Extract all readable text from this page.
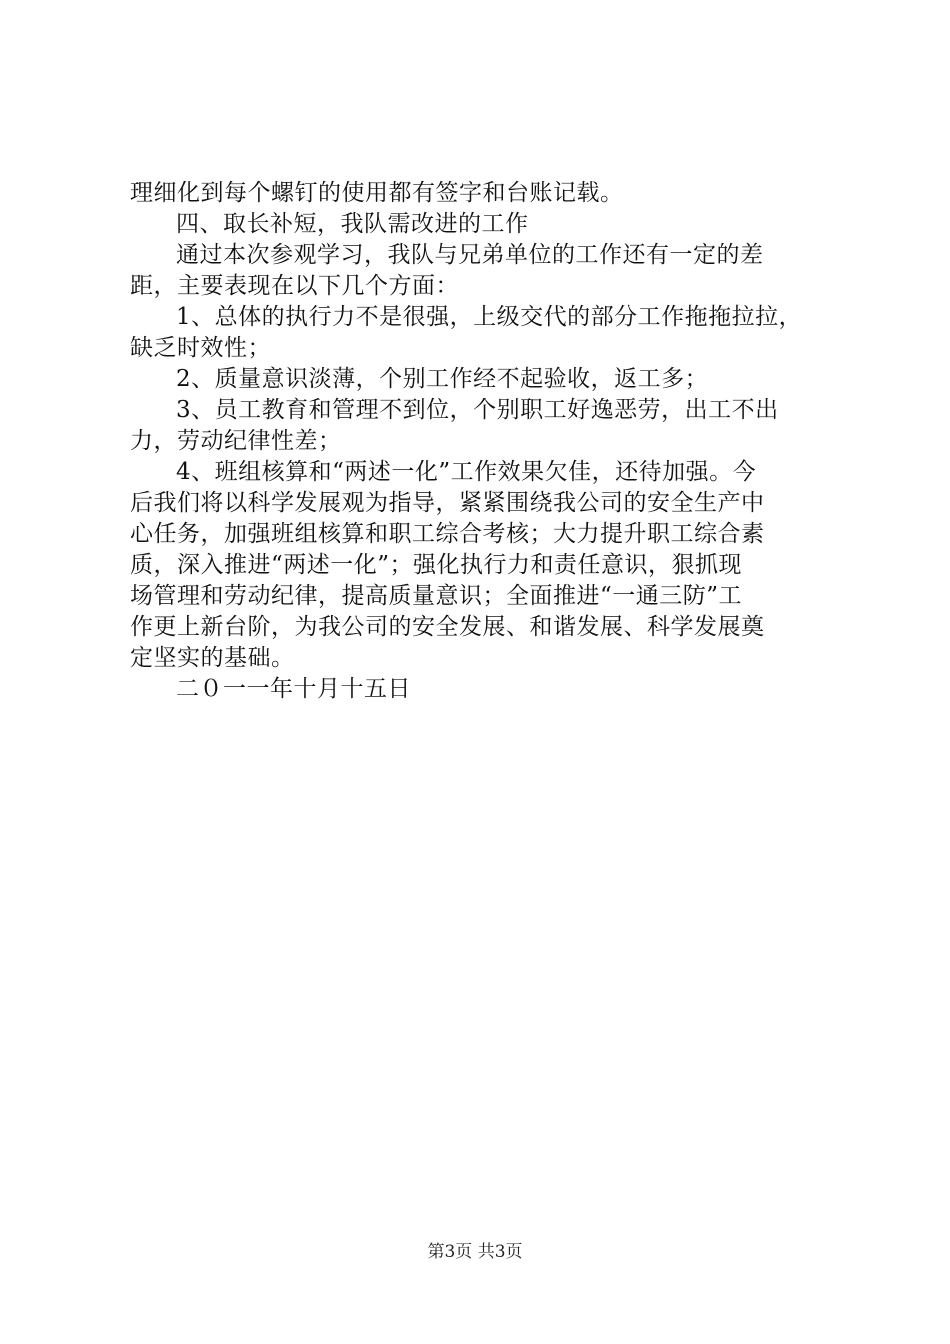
理细化到每个螺钉的使用都有签字和台账记载。
四、取长补短，我队需改进的工作
通过本次参观学习，我队与兄弟单位的工作还有一定的差
距，主要表现在以下几个方面：
1、总体的执行力不是很强，上级交代的部分工作拖拖拉拉，
缺乏时效性；
2、质量意识淡薄，个别工作经不起验收，返工多；
3、员工教育和管理不到位，个别职工好逸恶劳，出工不出
力，劳动纪律性差；
4、班组核算和“两述一化”工作效果欠佳，还待加强。今
后我们将以科学发展观为指导，紧紧围绕我公司的安全生产中
心任务，加强班组核算和职工综合考核；大力提升职工综合素
质，深入推进“两述一化”；强化执行力和责任意识，狠抓现
场管理和劳动纪律，提高质量意识；全面推进“一通三防”工
作更上新台阶，为我公司的安全发展、和谐发展、科学发展奠
定坚实的基础。
二０一一年十月十五日
第3页 共3页
